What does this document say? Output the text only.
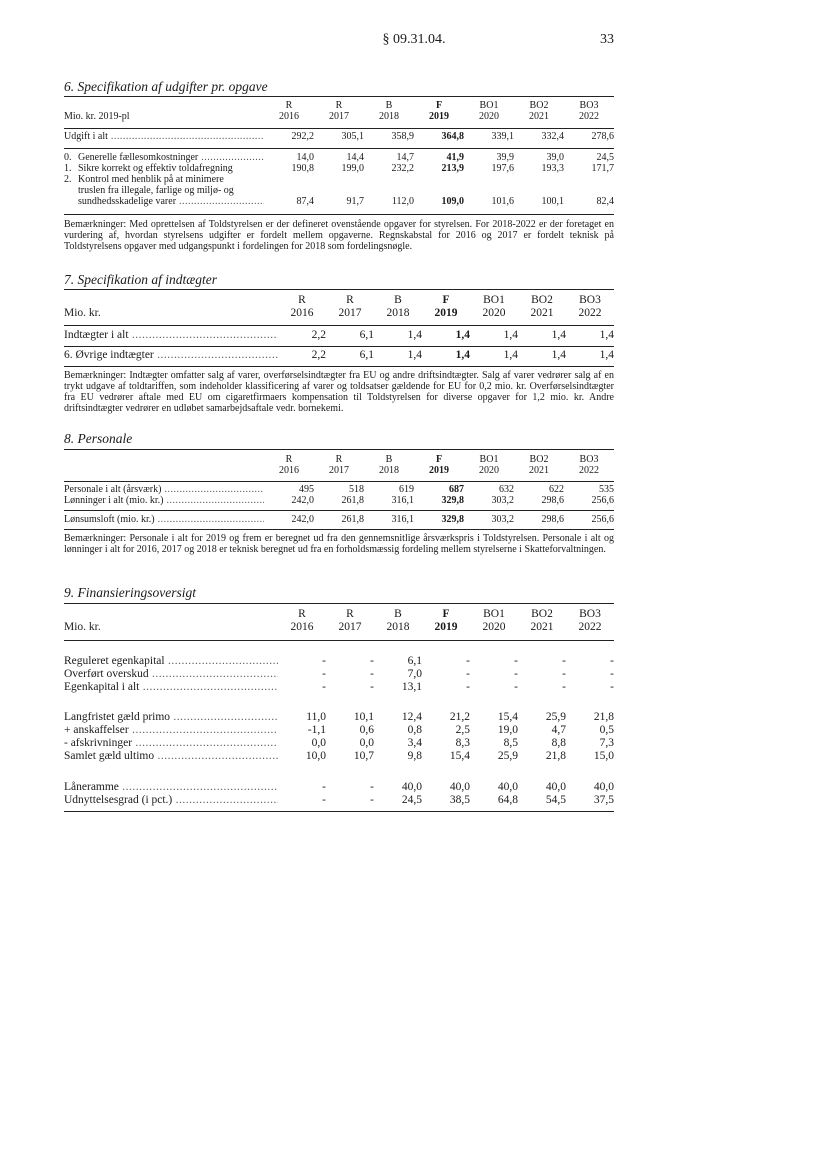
§ 09.31.04.	33
6. Specifikation af udgifter pr. opgave
	R	R	B	F	BO1	BO2	BO3
Mio. kr. 2019-pl	2016	2017	2018	2019	2020	2021	2022
Udgift i alt .....	292,2	305,1	358,9	364,8	339,1	332,4	278,6
0. Generelle fællesomkostninger .....	14,0	14,4	14,7	41,9	39,9	39,0	24,5
1. Sikre korrekt og effektiv toldafregning	190,8	199,0	232,2	213,9	197,6	193,3	171,7
2. Kontrol med henblik på at minimere							
truslen fra illegale, farlige og miljø- og							
sundhedsskadelige varer .....	87,4	91,7	112,0	109,0	101,6	100,1	82,4
Bemærkninger: Med oprettelsen af Toldstyrelsen er der defineret ovenstående opgaver for styrelsen. For 2018-2022 er der foretaget en vurdering af, hvordan styrelsens udgifter er fordelt mellem opgaverne. Regnskabstal for 2016 og 2017 er fordelt teknisk på Toldstyrelsens opgaver med udgangspunkt i fordelingen for 2018 som fordelingsnøgle.
7. Specifikation af indtægter
	R	R	B	F	BO1	BO2	BO3
Mio. kr.	2016	2017	2018	2019	2020	2021	2022
Indtægter i alt .....	2,2	6,1	1,4	1,4	1,4	1,4	1,4
6. Øvrige indtægter .....	2,2	6,1	1,4	1,4	1,4	1,4	1,4
Bemærkninger: Indtægter omfatter salg af varer, overførselsindtægter fra EU og andre driftsindtægter. Salg af varer vedrører salg af en trykt udgave af toldtariffen, som indeholder klassificering af varer og toldsatser gældende for EU for 0,2 mio. kr. Overførselsindtægter fra EU vedrører aftale med EU om cigaretfirmaers kompensation til Toldstyrelsen for diverse opgaver for 1,2 mio. kr. Andre driftsindtægter vedrører en udløbet samarbejdsaftale vedr. bornekemi.
8. Personale
	R	R	B	F	BO1	BO2	BO3
	2016	2017	2018	2019	2020	2021	2022
Personale i alt (årsværk) .....	495	518	619	687	632	622	535
Lønninger i alt (mio. kr.) .....	242,0	261,8	316,1	329,8	303,2	298,6	256,6
Lønsumsloft (mio. kr.) .....	242,0	261,8	316,1	329,8	303,2	298,6	256,6
Bemærkninger: Personale i alt for 2019 og frem er beregnet ud fra den gennemsnitlige årsværkspris i Toldstyrelsen. Personale i alt og lønninger i alt for 2016, 2017 og 2018 er teknisk beregnet ud fra en forholdsmæssig fordeling mellem styrelserne i Skatteforvaltningen.
9. Finansieringsoversigt
	R	R	B	F	BO1	BO2	BO3
Mio. kr.	2016	2017	2018	2019	2020	2021	2022
Reguleret egenkapital .....	-	-	6,1	-	-	-	-
Overført overskud .....	-	-	7,0	-	-	-	-
Egenkapital i alt .....	-	-	13,1	-	-	-	-
Langfristet gæld primo .....	11,0	10,1	12,4	21,2	15,4	25,9	21,8
+ anskaffelser .....	-1,1	0,6	0,8	2,5	19,0	4,7	0,5
- afskrivninger .....	0,0	0,0	3,4	8,3	8,5	8,8	7,3
Samlet gæld ultimo .....	10,0	10,7	9,8	15,4	25,9	21,8	15,0
Låneramme .....	-	-	40,0	40,0	40,0	40,0	40,0
Udnyttelsesgrad (i pct.) .....	-	-	24,5	38,5	64,8	54,5	37,5
